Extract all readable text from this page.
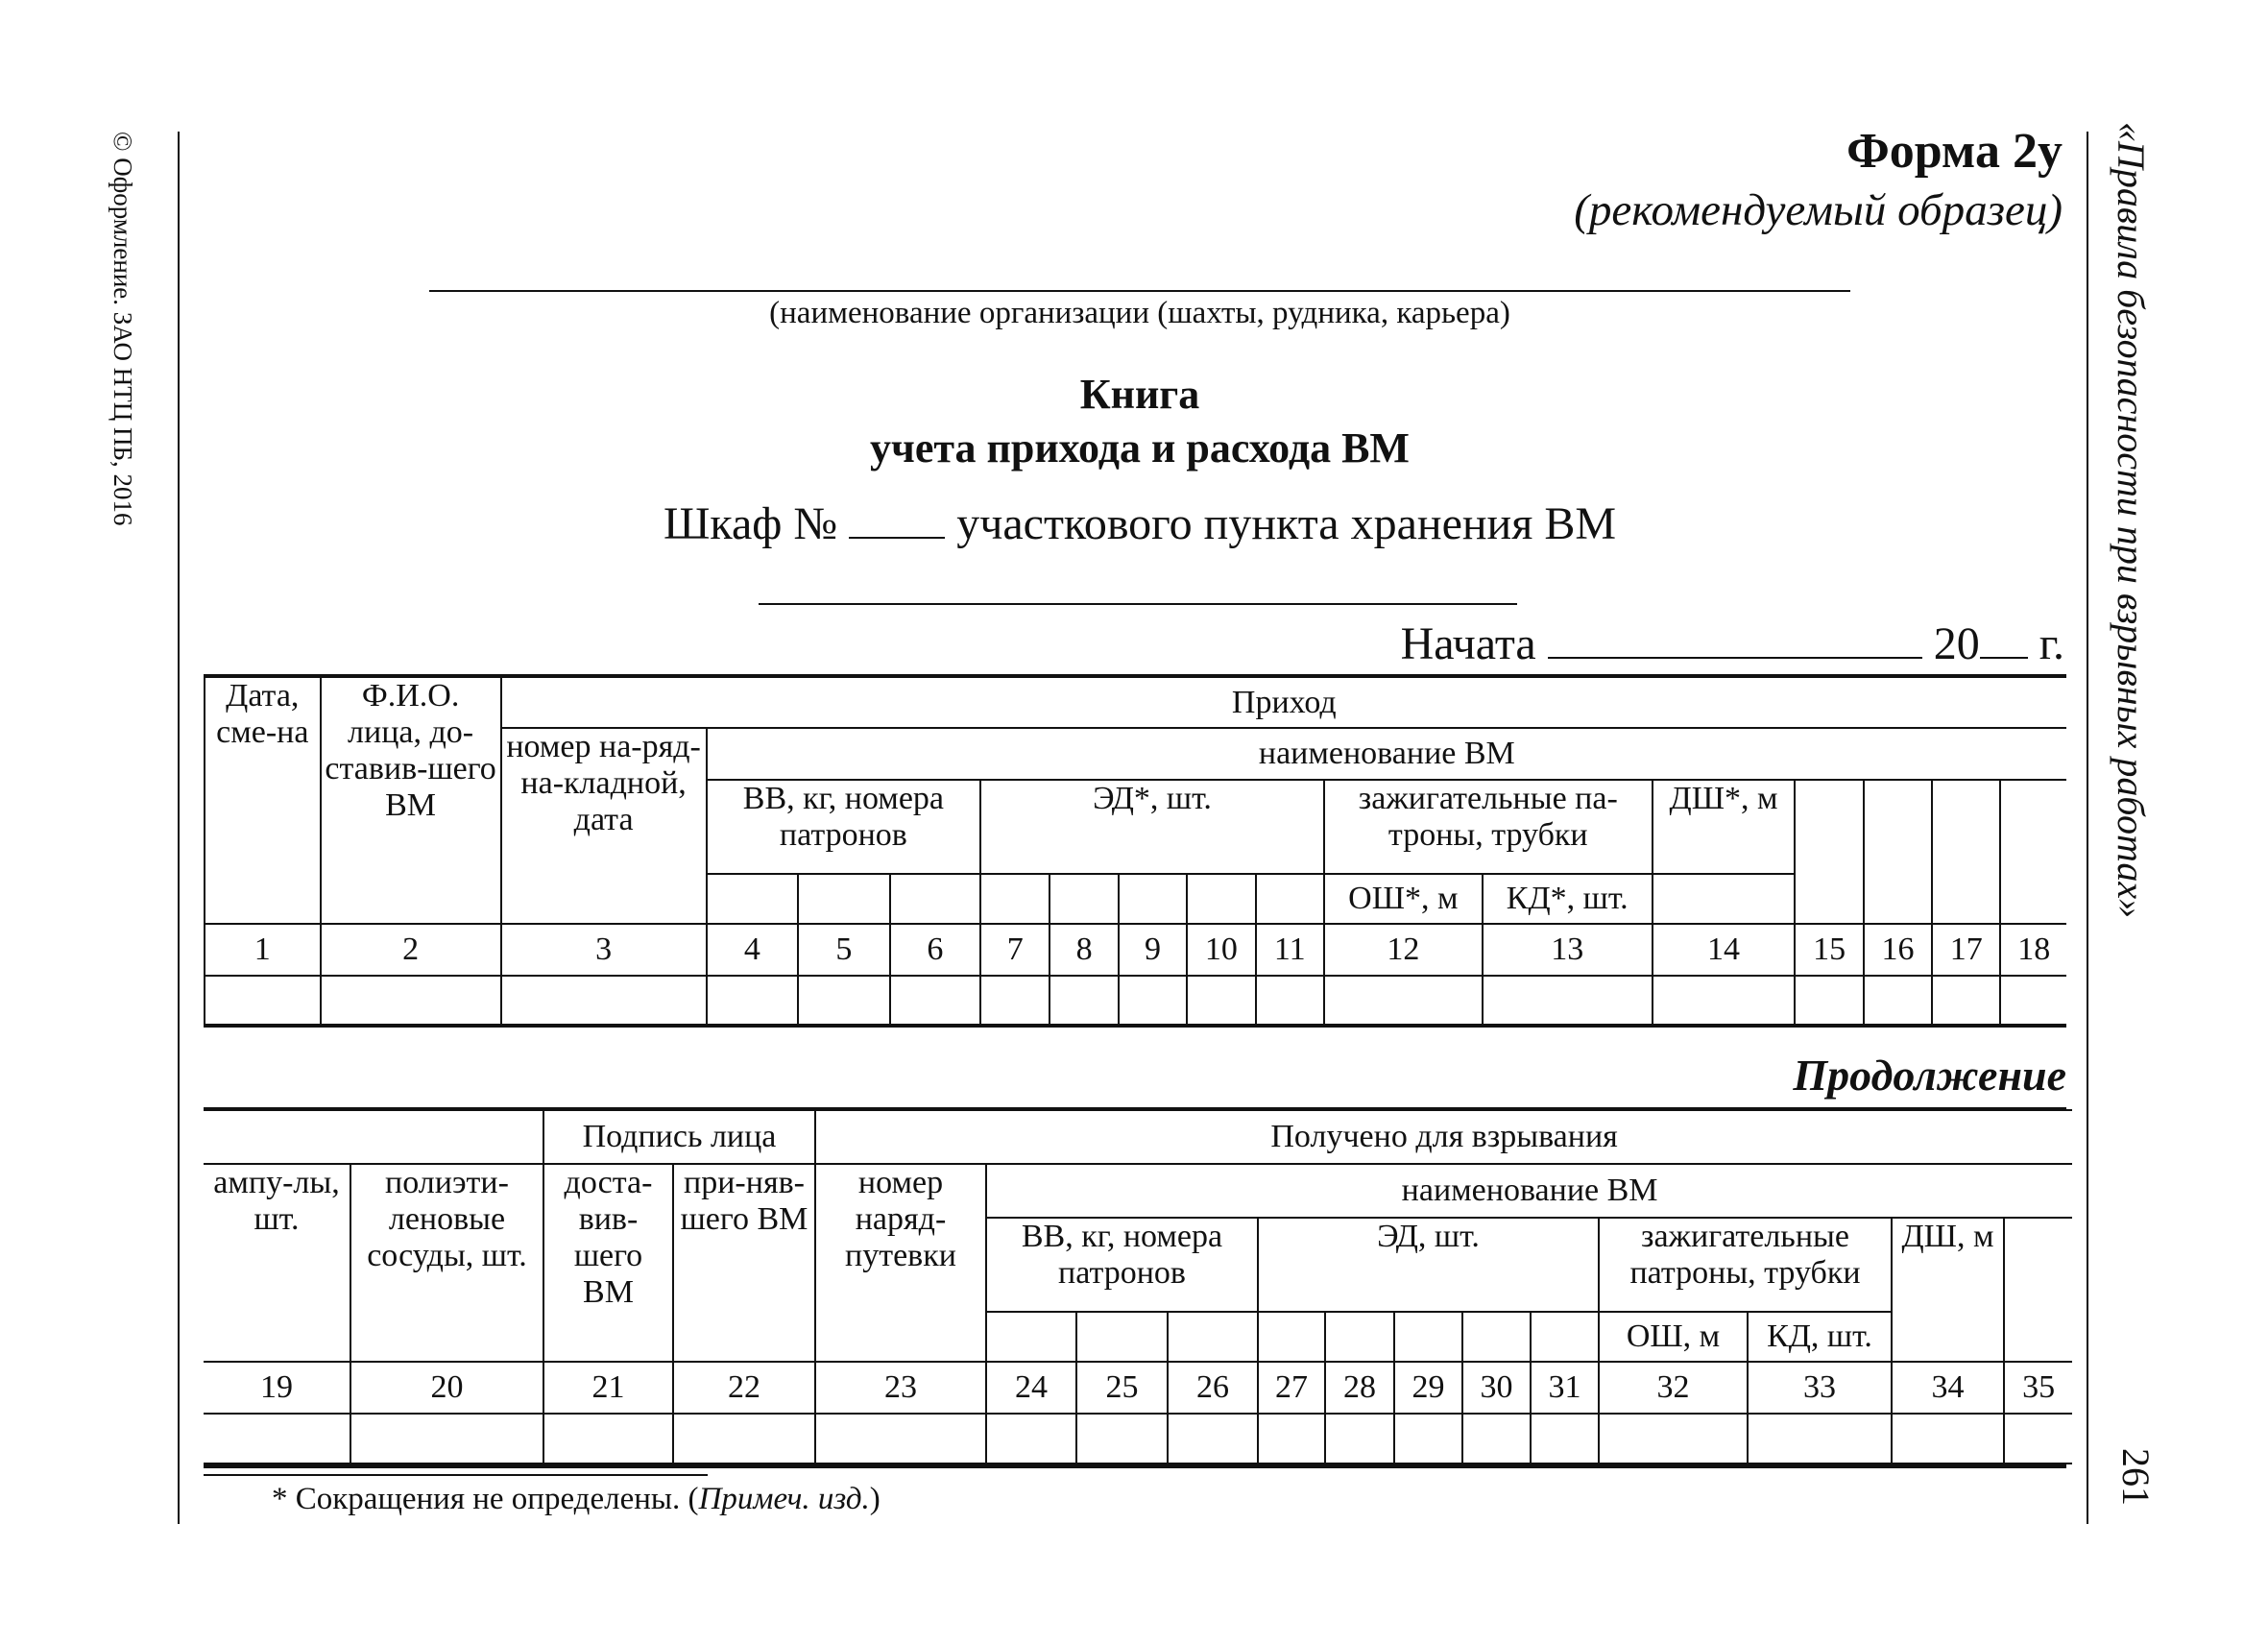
© Оформление. ЗАО НТЦ ПБ, 2016	«Правила безопасности при взрывных работах»
261
Форма 2у
(рекомендуемый образец)
(наименование организации (шахты, рудника, карьера)
Книга
учета прихода и расхода ВМ
Шкаф №	участкового пункта хранения ВМ
Начата	20 г.
Дата, сме-на	Ф.И.О. лица, до-ставив-шего ВМ	Приход															
		номер на-ряд-на-кладной, дата	наименование ВМ														
			ВВ, кг, номера патронов			ЭД*, шт.					зажигательные па-троны, трубки		ДШ*, м				
											ОШ*, м	КД*, шт.					
1	2	3	4	5	6	7	8	9	10	11	12	13	14	15	16	17	18

Продолжение
		Подпись лица		Получено для взрывания												
ампу-лы, шт.	полиэти-леновые сосуды, шт.	доста-вив-шего ВМ	при-няв-шего ВМ	номер наряд-путевки	наименование ВМ											
					ВВ, кг, номера патронов			ЭД, шт.					зажигательные патроны, трубки		ДШ, м	
													ОШ, м	КД, шт.		

19	20	21	22	23	24	25	26	27	28	29	30	31	32	33	34	35

* Сокращения не определены. (Примеч. изд.)
